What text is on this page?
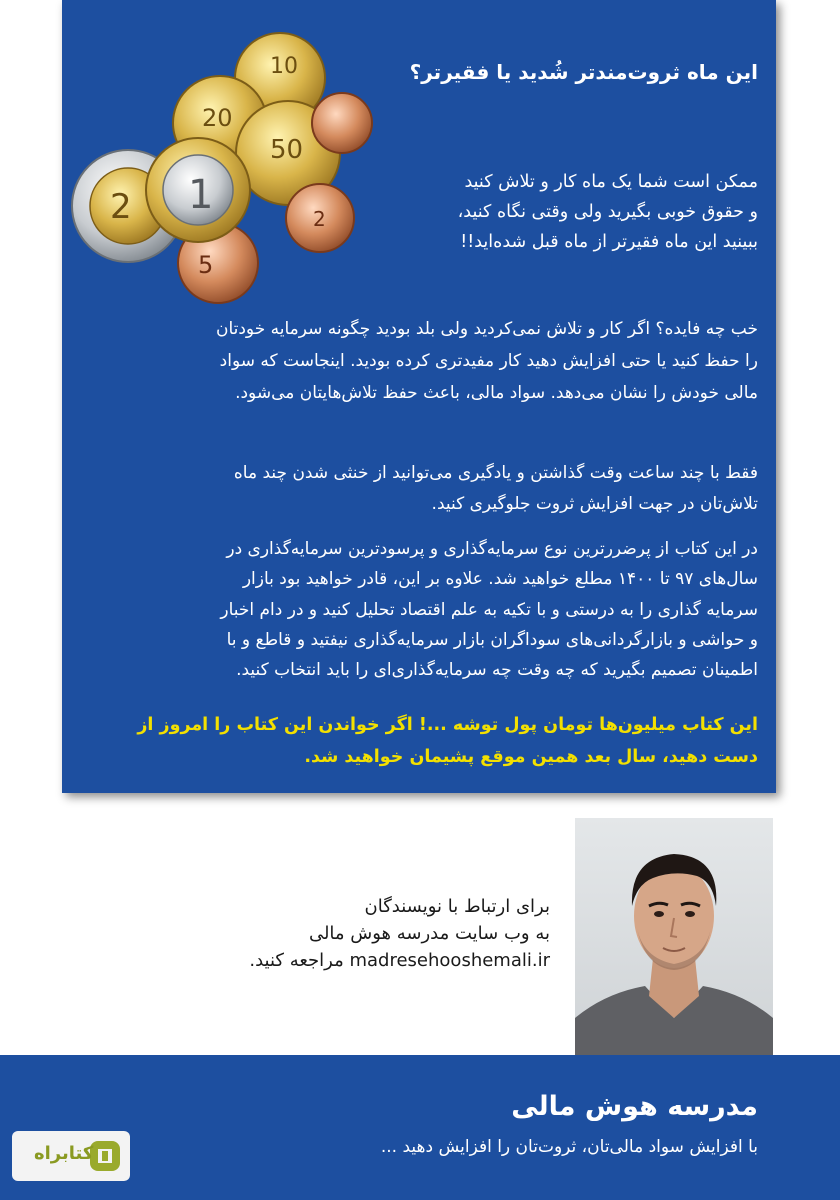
10
20
50
2
5
2 1
این ماه ثروت‌مندتر شُدید یا فقیرتر؟
ممکن است شما یک ماه کار و تلاش کنید
و حقوق خوبی بگیرید ولی وقتی نگاه کنید،
ببینید این ماه فقیرتر از ماه قبل شده‌اید!!
خب چه فایده؟ اگر کار و تلاش نمی‌کردید ولی بلد بودید چگونه سرمایه خودتان
را حفظ کنید یا حتی افزایش دهید کار مفیدتری کرده بودید. اینجاست که سواد
مالی خودش را نشان می‌دهد. سواد مالی، باعث حفظ تلاش‌هایتان می‌شود.
فقط با چند ساعت وقت گذاشتن و یادگیری می‌توانید از خنثی شدن چند ماه
تلاش‌تان در جهت افزایش ثروت جلوگیری کنید.
در این کتاب از پرضررترین نوع سرمایه‌گذاری و پرسودترین سرمایه‌گذاری در
سال‌های ۹۷ تا ۱۴۰۰ مطلع خواهید شد. علاوه بر این، قادر خواهید بود بازار
سرمایه گذاری را به درستی و با تکیه به علم اقتصاد تحلیل کنید و در دام اخبار
و حواشی و بازارگردانی‌های سوداگران بازار سرمایه‌گذاری نیفتید و قاطع و با
اطمینان تصمیم بگیرید که چه وقت چه سرمایه‌گذاری‌ای را باید انتخاب کنید.
این کتاب میلیون‌ها تومان پول توشه ...! اگر خواندن این کتاب را امروز از
دست دهید، سال بعد همین موقع پشیمان خواهید شد.
برای ارتباط با نویسندگان
به وب سایت مدرسه هوش مالی
madresehooshemali.ir مراجعه کنید.
مدرسه هوش مالی
با افزایش سواد مالی‌تان، ثروت‌تان را افزایش دهید ...
کتابراه
